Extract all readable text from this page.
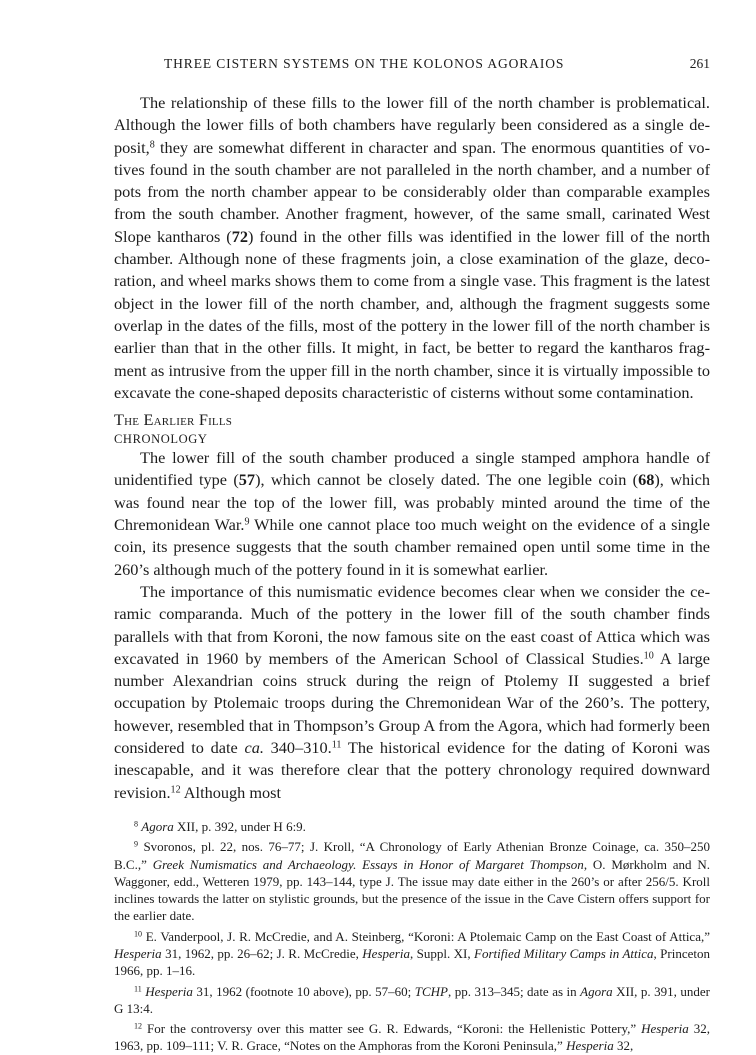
THREE CISTERN SYSTEMS ON THE KOLONOS AGORAIOS	261

The relationship of these fills to the lower fill of the north chamber is problematical. Although the lower fills of both chambers have regularly been considered as a single deposit,$^8$ they are somewhat different in character and span. The enormous quantities of votives found in the south chamber are not paralleled in the north chamber, and a number of pots from the north chamber appear to be considerably older than comparable examples from the south chamber. Another fragment, however, of the same small, carinated West Slope kantharos (72) found in the other fills was identified in the lower fill of the north chamber. Although none of these fragments join, a close examination of the glaze, decoration, and wheel marks shows them to come from a single vase. This fragment is the latest object in the lower fill of the north chamber, and, although the fragment suggests some overlap in the dates of the fills, most of the pottery in the lower fill of the north chamber is earlier than that in the other fills. It might, in fact, be better to regard the kantharos fragment as intrusive from the upper fill in the north chamber, since it is virtually impossible to excavate the cone-shaped deposits characteristic of cisterns without some contamination.

The Earlier Fills
CHRONOLOGY

The lower fill of the south chamber produced a single stamped amphora handle of unidentified type (57), which cannot be closely dated. The one legible coin (68), which was found near the top of the lower fill, was probably minted around the time of the Chremonidean War.$^9$ While one cannot place too much weight on the evidence of a single coin, its presence suggests that the south chamber remained open until some time in the 260’s although much of the pottery found in it is somewhat earlier.

The importance of this numismatic evidence becomes clear when we consider the ceramic comparanda. Much of the pottery in the lower fill of the south chamber finds parallels with that from Koroni, the now famous site on the east coast of Attica which was excavated in 1960 by members of the American School of Classical Studies.$^{10}$ A large number Alexandrian coins struck during the reign of Ptolemy II suggested a brief occupation by Ptolemaic troops during the Chremonidean War of the 260’s. The pottery, however, resembled that in Thompson’s Group A from the Agora, which had formerly been considered to date ca. 340–310.11 The historical evidence for the dating of Koroni was inescapable, and it was therefore clear that the pottery chronology required downward revision.$^{12}$ Although most

$^8$ Agora XII, p. 392, under H 6:9.

$^9$ Svoronos, pl. 22, nos. 76–77; J. Kroll, “A Chronology of Early Athenian Bronze Coinage, ca. 350–250 B.C.,” Greek Numismatics and Archaeology. Essays in Honor of Margaret Thompson, O. Mørkholm and N. Waggoner, edd., Wetteren 1979, pp. 143–144, type J. The issue may date either in the 260’s or after 256/5. Kroll inclines towards the latter on stylistic grounds, but the presence of the issue in the Cave Cistern offers support for the earlier date.

$^{10}$ E. Vanderpool, J. R. McCredie, and A. Steinberg, “Koroni: A Ptolemaic Camp on the East Coast of Attica,” Hesperia 31, 1962, pp. 26–62; J. R. McCredie, Hesperia, Suppl. XI, Fortified Military Camps in Attica, Princeton 1966, pp. 1–16.

$^{11}$ Hesperia 31, 1962 (footnote 10 above), pp. 57–60; TCHP, pp. 313–345; date as in Agora XII, p. 391, under G 13:4.

$^{12}$ For the controversy over this matter see G. R. Edwards, “Koroni: the Hellenistic Pottery,” Hesperia 32, 1963, pp. 109–111; V. R. Grace, “Notes on the Amphoras from the Koroni Peninsula,” Hesperia 32,
